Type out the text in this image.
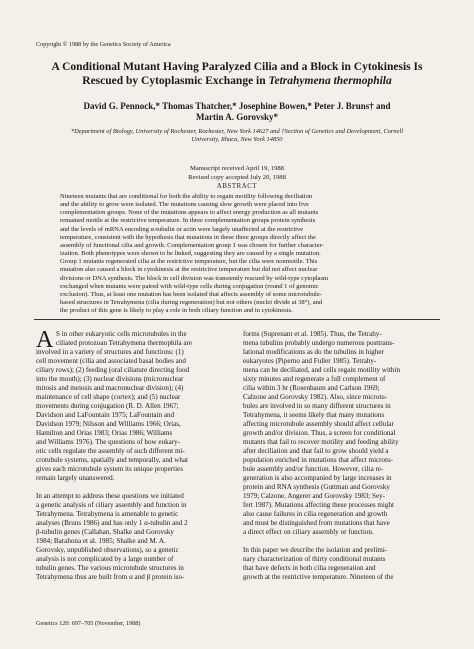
Copyright © 1988 by the Genetics Society of America
A Conditional Mutant Having Paralyzed Cilia and a Block in Cytokinesis Is
Rescued by Cytoplasmic Exchange in Tetrahymena thermophila
David G. Pennock,* Thomas Thatcher,* Josephine Bowen,* Peter J. Bruns† and
Martin A. Gorovsky*
*Department of Biology, University of Rochester, Rochester, New York 14627 and †Section of Genetics and Development, Cornell
University, Ithaca, New York 14850
Manuscript received April 19, 1988
Revised copy accepted July 20, 1988
ABSTRACT
Nineteen mutants that are conditional for both the ability to regain motility following deciliation
and the ability to grow were isolated. The mutations causing slow growth were placed into five
complementation groups. None of the mutations appears to affect energy production as all mutants
remained motile at the restrictive temperature. In three complementation groups protein synthesis
and the levels of mRNA encoding α-tubulin or actin were largely unaffected at the restrictive
temperature, consistent with the hypothesis that mutations in these three groups directly affect the
assembly of functional cilia and growth. Complementation group 1 was chosen for further character-
ization. Both phenotypes were shown to be linked, suggesting they are caused by a single mutation.
Group 1 mutants regenerated cilia at the restrictive temperature, but the cilia were nonmotile. This
mutation also caused a block in cytokinesis at the restrictive temperature but did not affect nuclear
divisions or DNA synthesis. The block in cell division was transiently rescued by wild-type cytoplasm
exchanged when mutants were paired with wild-type cells during conjugation (round 1 of genomic
exclusion). Thus, at least one mutation has been isolated that affects assembly of some microtubule-
based structures in Tetrahymena (cilia during regeneration) but not others (nuclei divide at 38°), and
the product of this gene is likely to play a role in both ciliary function and in cytokinesis.
A S in other eukaryotic cells microtubules in the
ciliated protozoan Tetrahymena thermophila are
involved in a variety of structures and functions: (1)
cell movement (cilia and associated basal bodies and
ciliary rows); (2) feeding (oral ciliature directing food
into the mouth); (3) nuclear divisions (micronuclear
mitosis and meiosis and macronuclear division); (4)
maintenance of cell shape (cortex); and (5) nuclear
movements during conjugation (R. D. Allen 1967;
Davidson and LaFountain 1975; LaFountain and
Davidson 1979; Nilsson and Williams 1966; Orias,
Hamilton and Orias 1983; Orias 1986; Williams
and Williams 1976). The questions of how eukary-
otic cells regulate the assembly of such different mi-
crotubule systems, spatially and temporally, and what
gives each microtubule system its unique properties
remain largely unanswered.
In an attempt to address these questions we initiated
a genetic analysis of ciliary assembly and function in
Tetrahymena. Tetrahymena is amenable to genetic
analyses (Bruns 1986) and has only 1 α-tubulin and 2
β-tubulin genes (Callahan, Shalke and Gorovsky
1984; Barahona et al. 1985; Shalke and M. A.
Gorovsky, unpublished observations), so a genetic
analysis is not complicated by a large number of
tubulin genes. The various microtubule structures in
Tetrahymena thus are built from α and β protein iso-
forms (Suprenant et al. 1985). Thus, the Tetrahy-
mena tubulins probably undergo numerous posttrans-
lational modifications as do the tubulins in higher
eukaryotes (Piperno and Fuller 1985). Tetrahy-
mena can be deciliated, and cells regain motility within
sixty minutes and regenerate a full complement of
cilia within 3 hr (Rosenbaum and Carlson 1969;
Calzone and Gorovsky 1982). Also, since microtu-
bules are involved in so many different structures in
Tetrahymena, it seems likely that many mutations
affecting microtubule assembly should affect cellular
growth and/or division. Thus, a screen for conditional
mutants that fail to recover motility and feeding ability
after deciliation and that fail to grow should yield a
population enriched in mutations that affect microtu-
bule assembly and/or function. However, cilia re-
generation is also accompanied by large increases in
protein and RNA synthesis (Guttman and Gorovsky
1979; Calzone, Angerer and Gorovsky 1983; Sey-
fert 1987). Mutations affecting these processes might
also cause failures in cilia regeneration and growth
and must be distinguished from mutations that have
a direct effect on ciliary assembly or function.
In this paper we describe the isolation and prelimi-
nary characterization of thirty conditional mutants
that have defects in both cilia regeneration and
growth at the restrictive temperature. Nineteen of the
Genetics 120: 697–705 (November, 1988)
